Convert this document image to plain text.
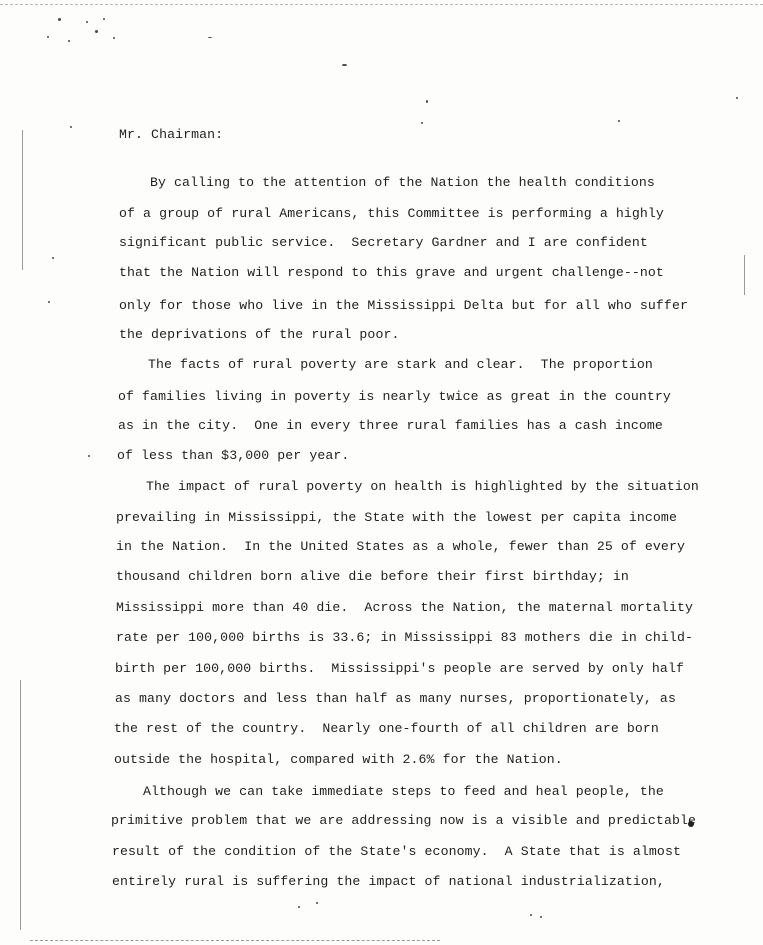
Mr. Chairman:
By calling to the attention of the Nation the health conditions
of a group of rural Americans, this Committee is performing a highly
significant public service.  Secretary Gardner and I are confident
that the Nation will respond to this grave and urgent challenge--not
only for those who live in the Mississippi Delta but for all who suffer
the deprivations of the rural poor.
The facts of rural poverty are stark and clear.  The proportion
of families living in poverty is nearly twice as great in the country
as in the city.  One in every three rural families has a cash income
of less than $3,000 per year.
The impact of rural poverty on health is highlighted by the situation
prevailing in Mississippi, the State with the lowest per capita income
in the Nation.  In the United States as a whole, fewer than 25 of every
thousand children born alive die before their first birthday; in
Mississippi more than 40 die.  Across the Nation, the maternal mortality
rate per 100,000 births is 33.6; in Mississippi 83 mothers die in child-
birth per 100,000 births.  Mississippi's people are served by only half
as many doctors and less than half as many nurses, proportionately, as
the rest of the country.  Nearly one-fourth of all children are born
outside the hospital, compared with 2.6% for the Nation.
Although we can take immediate steps to feed and heal people, the
primitive problem that we are addressing now is a visible and predictable
result of the condition of the State's economy.  A State that is almost
entirely rural is suffering the impact of national industrialization,
